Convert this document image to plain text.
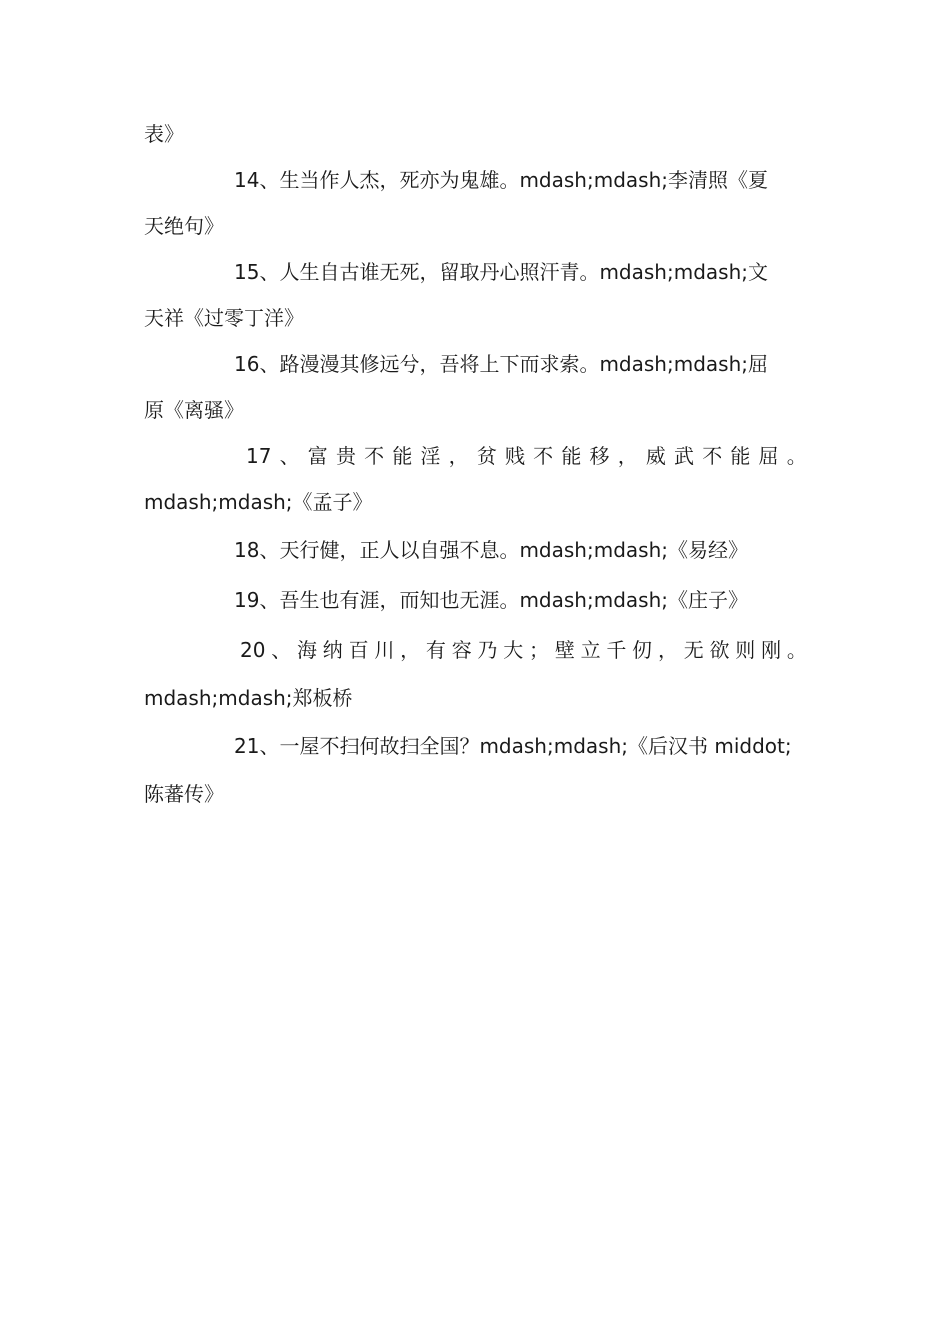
表》
14、生当作人杰，死亦为鬼雄。mdash;mdash;李清照《夏
天绝句》
15、人生自古谁无死，留取丹心照汗青。mdash;mdash;文
天祥《过零丁洋》
16、路漫漫其修远兮，吾将上下而求索。mdash;mdash;屈
原《离骚》
17 、 富 贵 不 能 淫 ， 贫 贱 不 能 移 ， 威 武 不 能 屈 。
mdash;mdash;《孟子》
18、天行健，正人以自强不息。mdash;mdash;《易经》
19、吾生也有涯，而知也无涯。mdash;mdash;《庄子》
20 、 海 纳 百 川 ， 有 容 乃 大 ； 壁 立 千 仞 ， 无 欲 则 刚 。
mdash;mdash;郑板桥
21、一屋不扫何故扫全国？mdash;mdash;《后汉书 middot;
陈蕃传》
